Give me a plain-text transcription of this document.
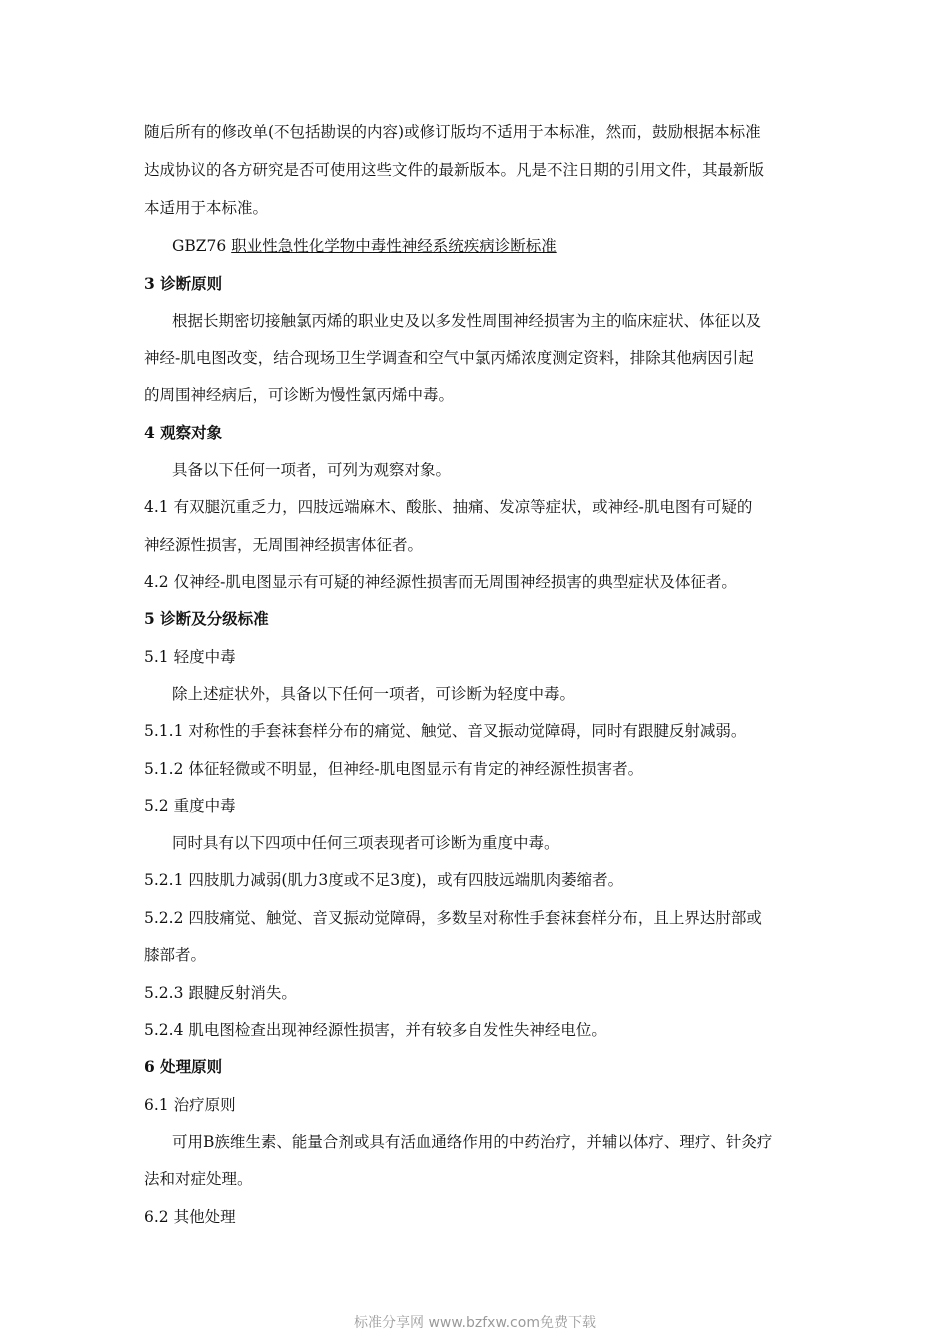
随后所有的修改单(不包括勘误的内容)或修订版均不适用于本标准，然而，鼓励根据本标准
达成协议的各方研究是否可使用这些文件的最新版本。凡是不注日期的引用文件，其最新版
本适用于本标准。
GBZ76 职业性急性化学物中毒性神经系统疾病诊断标准
3 诊断原则
根据长期密切接触氯丙烯的职业史及以多发性周围神经损害为主的临床症状、体征以及
神经-肌电图改变，结合现场卫生学调查和空气中氯丙烯浓度测定资料，排除其他病因引起
的周围神经病后，可诊断为慢性氯丙烯中毒。
4 观察对象
具备以下任何一项者，可列为观察对象。
4.1 有双腿沉重乏力，四肢远端麻木、酸胀、抽痛、发凉等症状，或神经-肌电图有可疑的
神经源性损害，无周围神经损害体征者。
4.2 仅神经-肌电图显示有可疑的神经源性损害而无周围神经损害的典型症状及体征者。
5 诊断及分级标准
5.1 轻度中毒
除上述症状外，具备以下任何一项者，可诊断为轻度中毒。
5.1.1 对称性的手套袜套样分布的痛觉、触觉、音叉振动觉障碍，同时有跟腱反射减弱。
5.1.2 体征轻微或不明显，但神经-肌电图显示有肯定的神经源性损害者。
5.2 重度中毒
同时具有以下四项中任何三项表现者可诊断为重度中毒。
5.2.1 四肢肌力减弱(肌力3度或不足3度)，或有四肢远端肌肉萎缩者。
5.2.2 四肢痛觉、触觉、音叉振动觉障碍，多数呈对称性手套袜套样分布，且上界达肘部或
膝部者。
5.2.3 跟腱反射消失。
5.2.4 肌电图检查出现神经源性损害，并有较多自发性失神经电位。
6 处理原则
6.1 治疗原则
可用B族维生素、能量合剂或具有活血通络作用的中药治疗，并辅以体疗、理疗、针灸疗
法和对症处理。
6.2 其他处理
标准分享网 www.bzfxw.com免费下载
